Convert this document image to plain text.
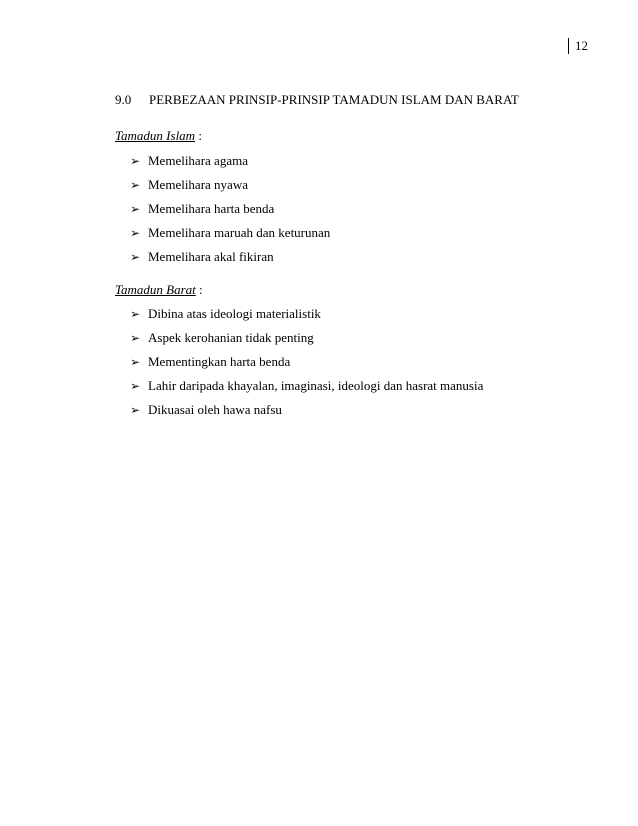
12
9.0 PERBEZAAN PRINSIP-PRINSIP TAMADUN ISLAM DAN BARAT
Tamadun Islam :
➢ Memelihara agama
➢ Memelihara nyawa
➢ Memelihara harta benda
➢ Memelihara maruah dan keturunan
➢ Memelihara akal fikiran
Tamadun Barat :
➢ Dibina atas ideologi materialistik
➢ Aspek kerohanian tidak penting
➢ Mementingkan harta benda
➢ Lahir daripada khayalan, imaginasi, ideologi dan hasrat manusia
➢ Dikuasai oleh hawa nafsu
